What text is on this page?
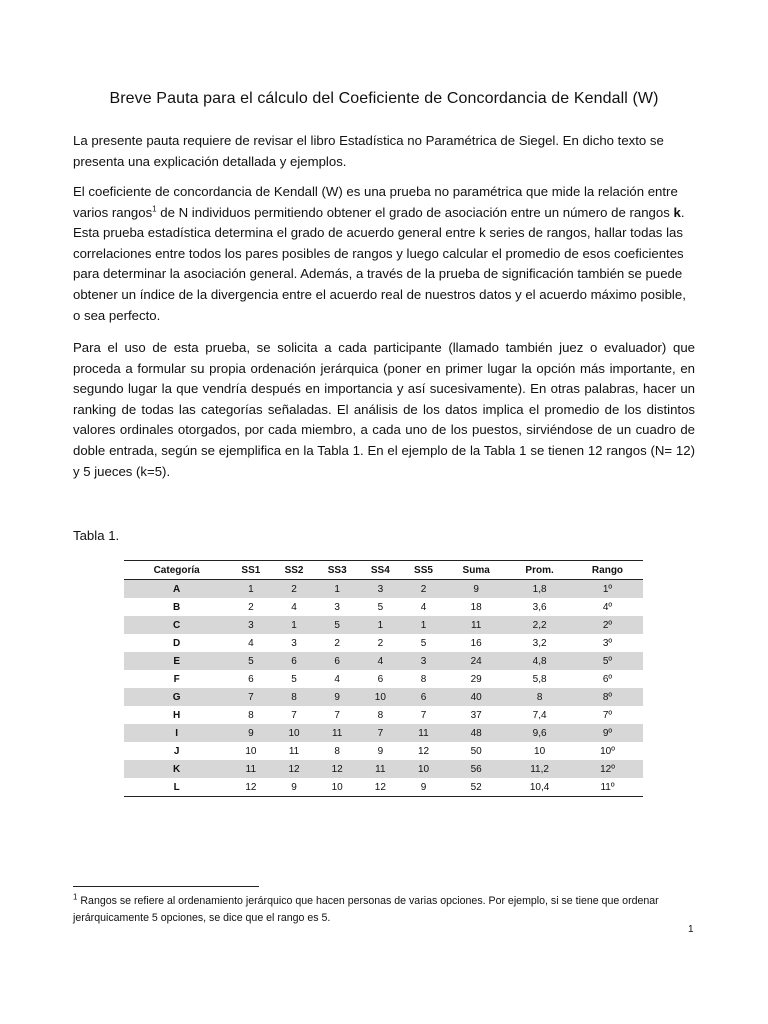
Breve Pauta para el cálculo del Coeficiente de Concordancia de Kendall (W)

La presente pauta requiere de revisar el libro Estadística no Paramétrica de Siegel. En dicho texto se presenta una explicación detallada y ejemplos.

El coeficiente de concordancia de Kendall (W) es una prueba no paramétrica que mide la relación entre varios rangos$^1$ de N individuos permitiendo obtener el grado de asociación entre un número de rangos k. Esta prueba estadística determina el grado de acuerdo general entre k series de rangos, hallar todas las correlaciones entre todos los pares posibles de rangos y luego calcular el promedio de esos coeficientes para determinar la asociación general. Además, a través de la prueba de significación también se puede obtener un índice de la divergencia entre el acuerdo real de nuestros datos y el acuerdo máximo posible, o sea perfecto.

Para el uso de esta prueba, se solicita a cada participante (llamado también juez o evaluador) que proceda a formular su propia ordenación jerárquica (poner en primer lugar la opción más importante, en segundo lugar la que vendría después en importancia y así sucesivamente). En otras palabras, hacer un ranking de todas las categorías señaladas. El análisis de los datos implica el promedio de los distintos valores ordinales otorgados, por cada miembro, a cada uno de los puestos, sirviéndose de un cuadro de doble entrada, según se ejemplifica en la Tabla 1. En el ejemplo de la Tabla 1 se tienen 12 rangos (N= 12) y 5 jueces (k=5).

Tabla 1.
Categoría	SS1	SS2	SS3	SS4	SS5	Suma	Prom.	Rango
A	1	2	1	3	2	9	1,8	1º
B	2	4	3	5	4	18	3,6	4º
C	3	1	5	1	1	11	2,2	2º
D	4	3	2	2	5	16	3,2	3º
E	5	6	6	4	3	24	4,8	5º
F	6	5	4	6	8	29	5,8	6º
G	7	8	9	10	6	40	8	8º
H	8	7	7	8	7	37	7,4	7º
I	9	10	11	7	11	48	9,6	9º
J	10	11	8	9	12	50	10	10º
K	11	12	12	11	10	56	11,2	12º
L	12	9	10	12	9	52	10,4	11º

$^1$ Rangos se refiere al ordenamiento jerárquico que hacen personas de varias opciones. Por ejemplo, si se tiene que ordenar jerárquicamente 5 opciones, se dice que el rango es 5.

1
